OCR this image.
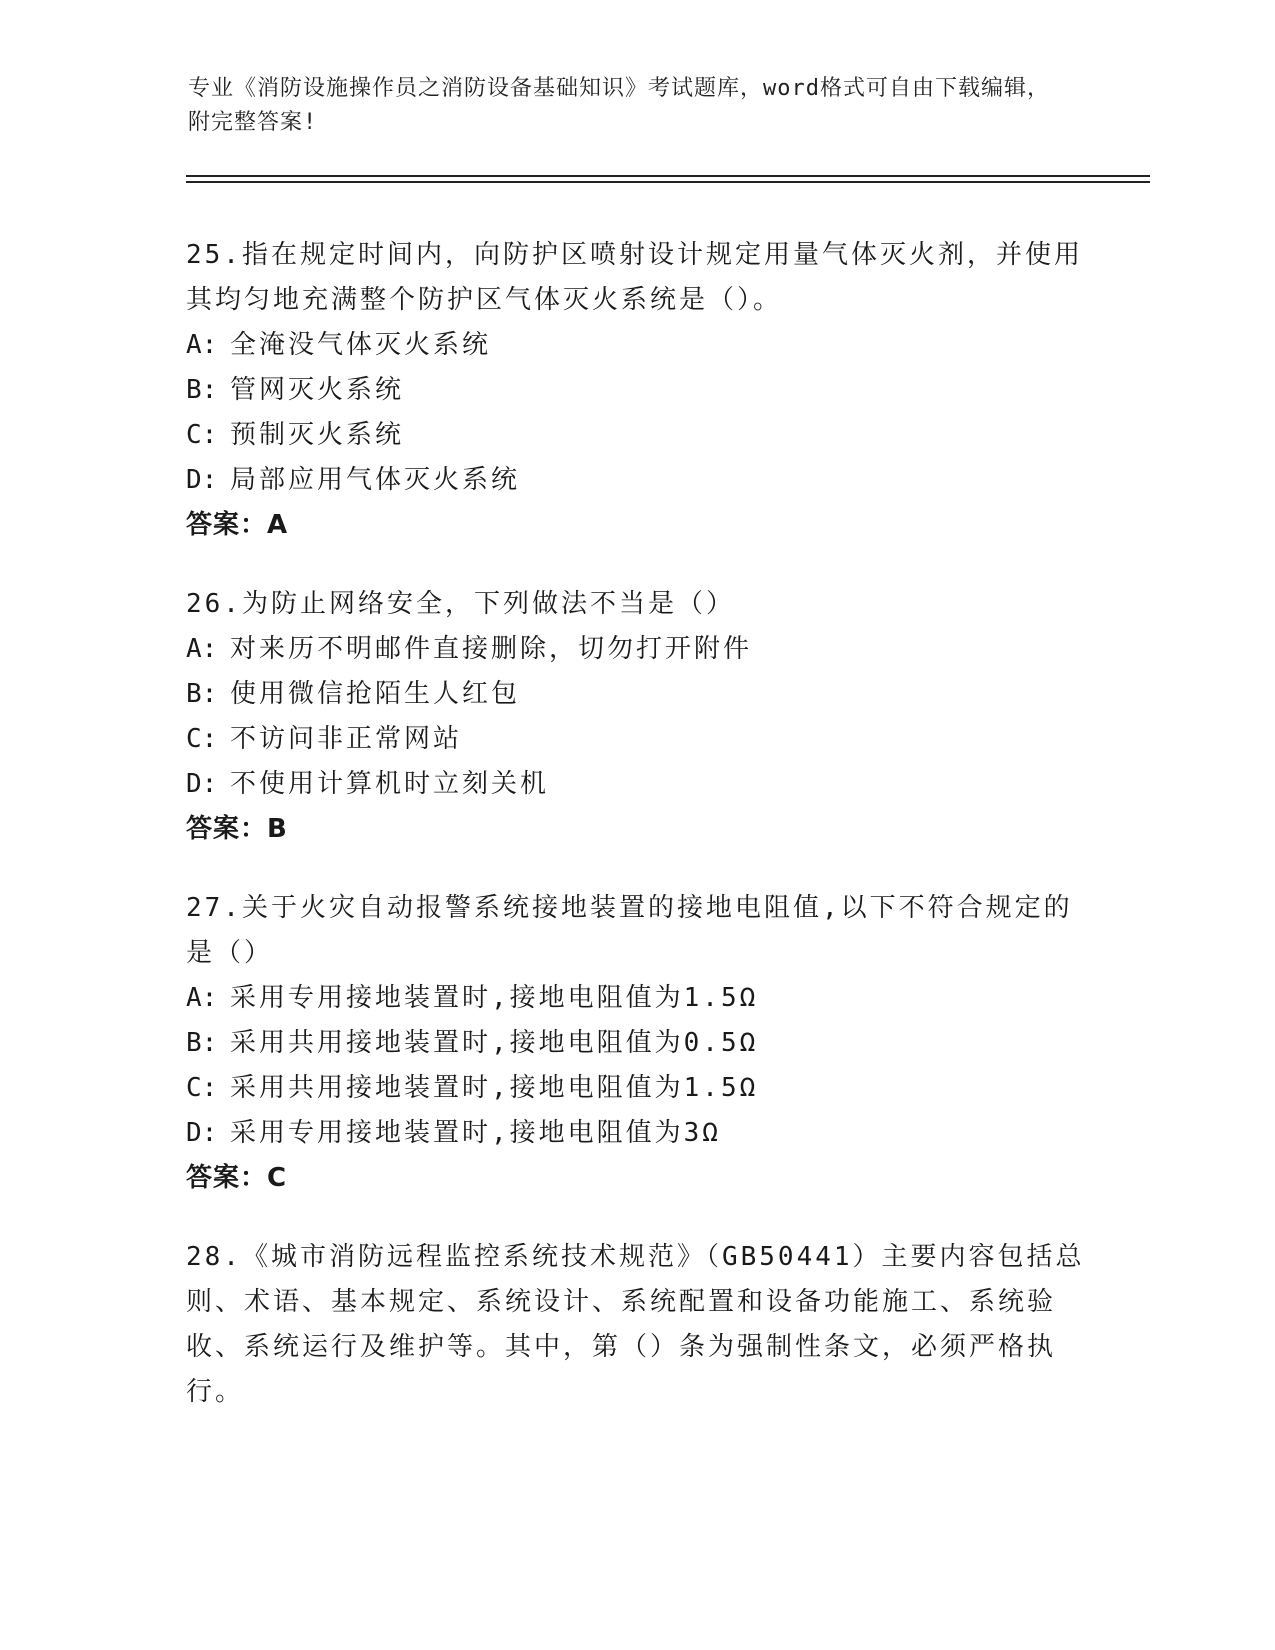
专业《消防设施操作员之消防设备基础知识》考试题库，word格式可自由下载编辑，附完整答案!

25.指在规定时间内，向防护区喷射设计规定用量气体灭火剂，并使用其均匀地充满整个防护区气体灭火系统是（）。

A: 全淹没气体灭火系统

B: 管网灭火系统

C: 预制灭火系统

D: 局部应用气体灭火系统

答案：A

26.为防止网络安全，下列做法不当是（）

A: 对来历不明邮件直接删除，切勿打开附件

B: 使用微信抢陌生人红包

C: 不访问非正常网站

D: 不使用计算机时立刻关机

答案：B

27.关于火灾自动报警系统接地装置的接地电阻值,以下不符合规定的是（）

A: 采用专用接地装置时,接地电阻值为1.5Ω

B: 采用共用接地装置时,接地电阻值为0.5Ω

C: 采用共用接地装置时,接地电阻值为1.5Ω

D: 采用专用接地装置时,接地电阻值为3Ω

答案：C

28.《城市消防远程监控系统技术规范》（GB50441）主要内容包括总则、术语、基本规定、系统设计、系统配置和设备功能施工、系统验收、系统运行及维护等。其中，第（）条为强制性条文，必须严格执行。
